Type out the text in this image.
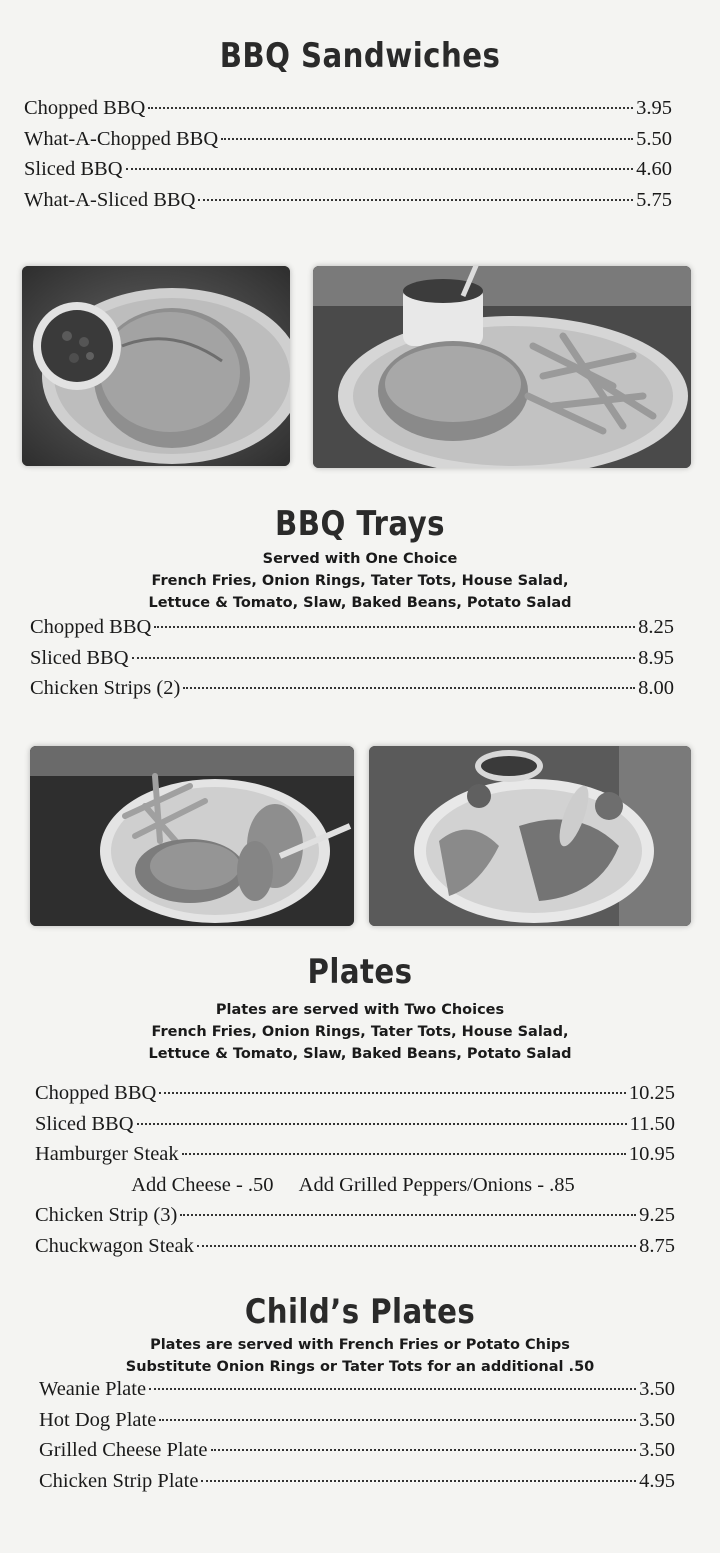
BBQ Sandwiches
Chopped BBQ	3.95
What-A-Chopped BBQ	5.50
Sliced BBQ	4.60
What-A-Sliced BBQ	5.75
BBQ Trays
Served with One Choice
French Fries, Onion Rings, Tater Tots, House Salad,
Lettuce & Tomato, Slaw, Baked Beans, Potato Salad
Chopped BBQ	8.25
Sliced BBQ	8.95
Chicken Strips (2)	8.00
Plates
Plates are served with Two Choices
French Fries, Onion Rings, Tater Tots, House Salad,
Lettuce & Tomato, Slaw, Baked Beans, Potato Salad
Chopped BBQ	10.25
Sliced BBQ	11.50
Hamburger Steak	10.95
Add Cheese - .50 Add Grilled Peppers/Onions - .85
Chicken Strip (3)	9.25
Chuckwagon Steak	8.75
Child’s Plates
Plates are served with French Fries or Potato Chips
Substitute Onion Rings or Tater Tots for an additional .50
Weanie Plate	3.50
Hot Dog Plate	3.50
Grilled Cheese Plate	3.50
Chicken Strip Plate	4.95
